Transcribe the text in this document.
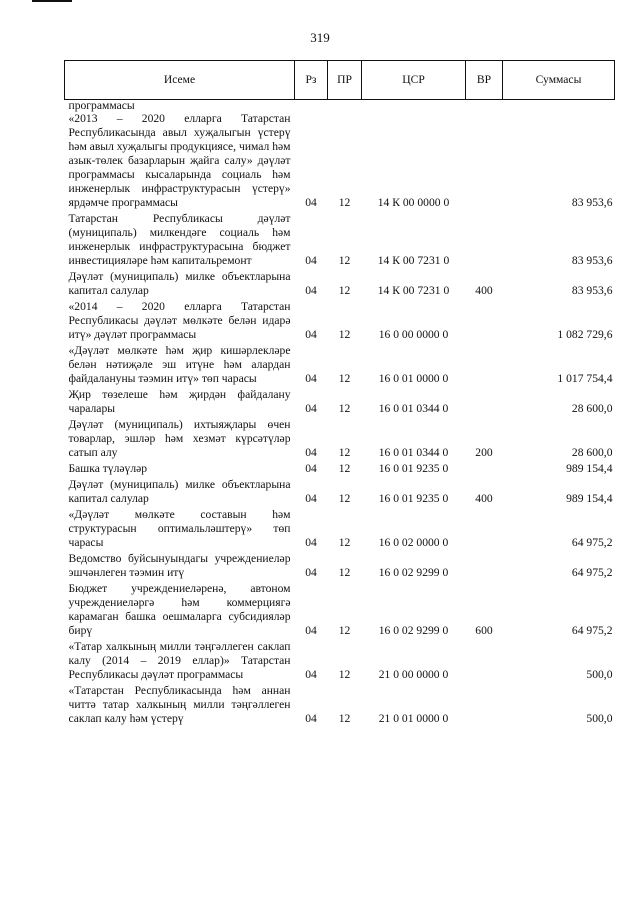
319
Исеме	Рз	ПР	ЦСР	ВР	Суммасы
программасы					
«2013 – 2020 елларга Татарстан Республикасында авыл хуҗалыгын үстерү һәм авыл хуҗалыгы продукциясе, чимал һәм азык-төлек базарларын җайга салу» дәүләт программасы кысаларында социаль һәм инженерлык инфраструктурасын үстерү» ярдәмче программасы	04	12	14 К 00 0000 0		83 953,6
Татарстан Республикасы дәүләт (муниципаль) милкендәге социаль һәм инженерлык инфраструктурасына бюджет инвестицияләре һәм капитальремонт	04	12	14 К 00 7231 0		83 953,6
Дәүләт (муниципаль) милке объектларына капитал салулар	04	12	14 К 00 7231 0	400	83 953,6
«2014 – 2020 елларга Татарстан Республикасы дәүләт мөлкәте белән идарә итү» дәүләт программасы	04	12	16 0 00 0000 0		1 082 729,6
«Дәүләт мөлкәте һәм җир кишәрлекләре белән нәтиҗәле эш итүне һәм алардан файдалануны тәэмин итү» төп чарасы	04	12	16 0 01 0000 0		1 017 754,4
Җир төзелеше һәм җирдән файдалану чаралары	04	12	16 0 01 0344 0		28 600,0
Дәүләт (муниципаль) ихтыяҗлары өчен товарлар, эшләр һәм хезмәт күрсәтүләр сатып алу	04	12	16 0 01 0344 0	200	28 600,0
Башка түләүләр	04	12	16 0 01 9235 0		989 154,4
Дәүләт (муниципаль) милке объектларына капитал салулар	04	12	16 0 01 9235 0	400	989 154,4
«Дәүләт мөлкәте составын һәм структурасын оптимальләштерү» төп чарасы	04	12	16 0 02 0000 0		64 975,2
Ведомство буйсынуындагы учреждениеләр эшчәнлеген тәэмин итү	04	12	16 0 02 9299 0		64 975,2
Бюджет учреждениеләренә, автоном учреждениеләргә һәм коммерциягә карамаган башка оешмаларга субсидияләр бирү	04	12	16 0 02 9299 0	600	64 975,2
«Татар халкының милли тәңгәллеген саклап калу (2014 – 2019 еллар)» Татарстан Республикасы дәүләт программасы	04	12	21 0 00 0000 0		500,0
«Татарстан Республикасында һәм аннан читтә татар халкының милли тәңгәллеген саклап калу һәм үстерү	04	12	21 0 01 0000 0		500,0
